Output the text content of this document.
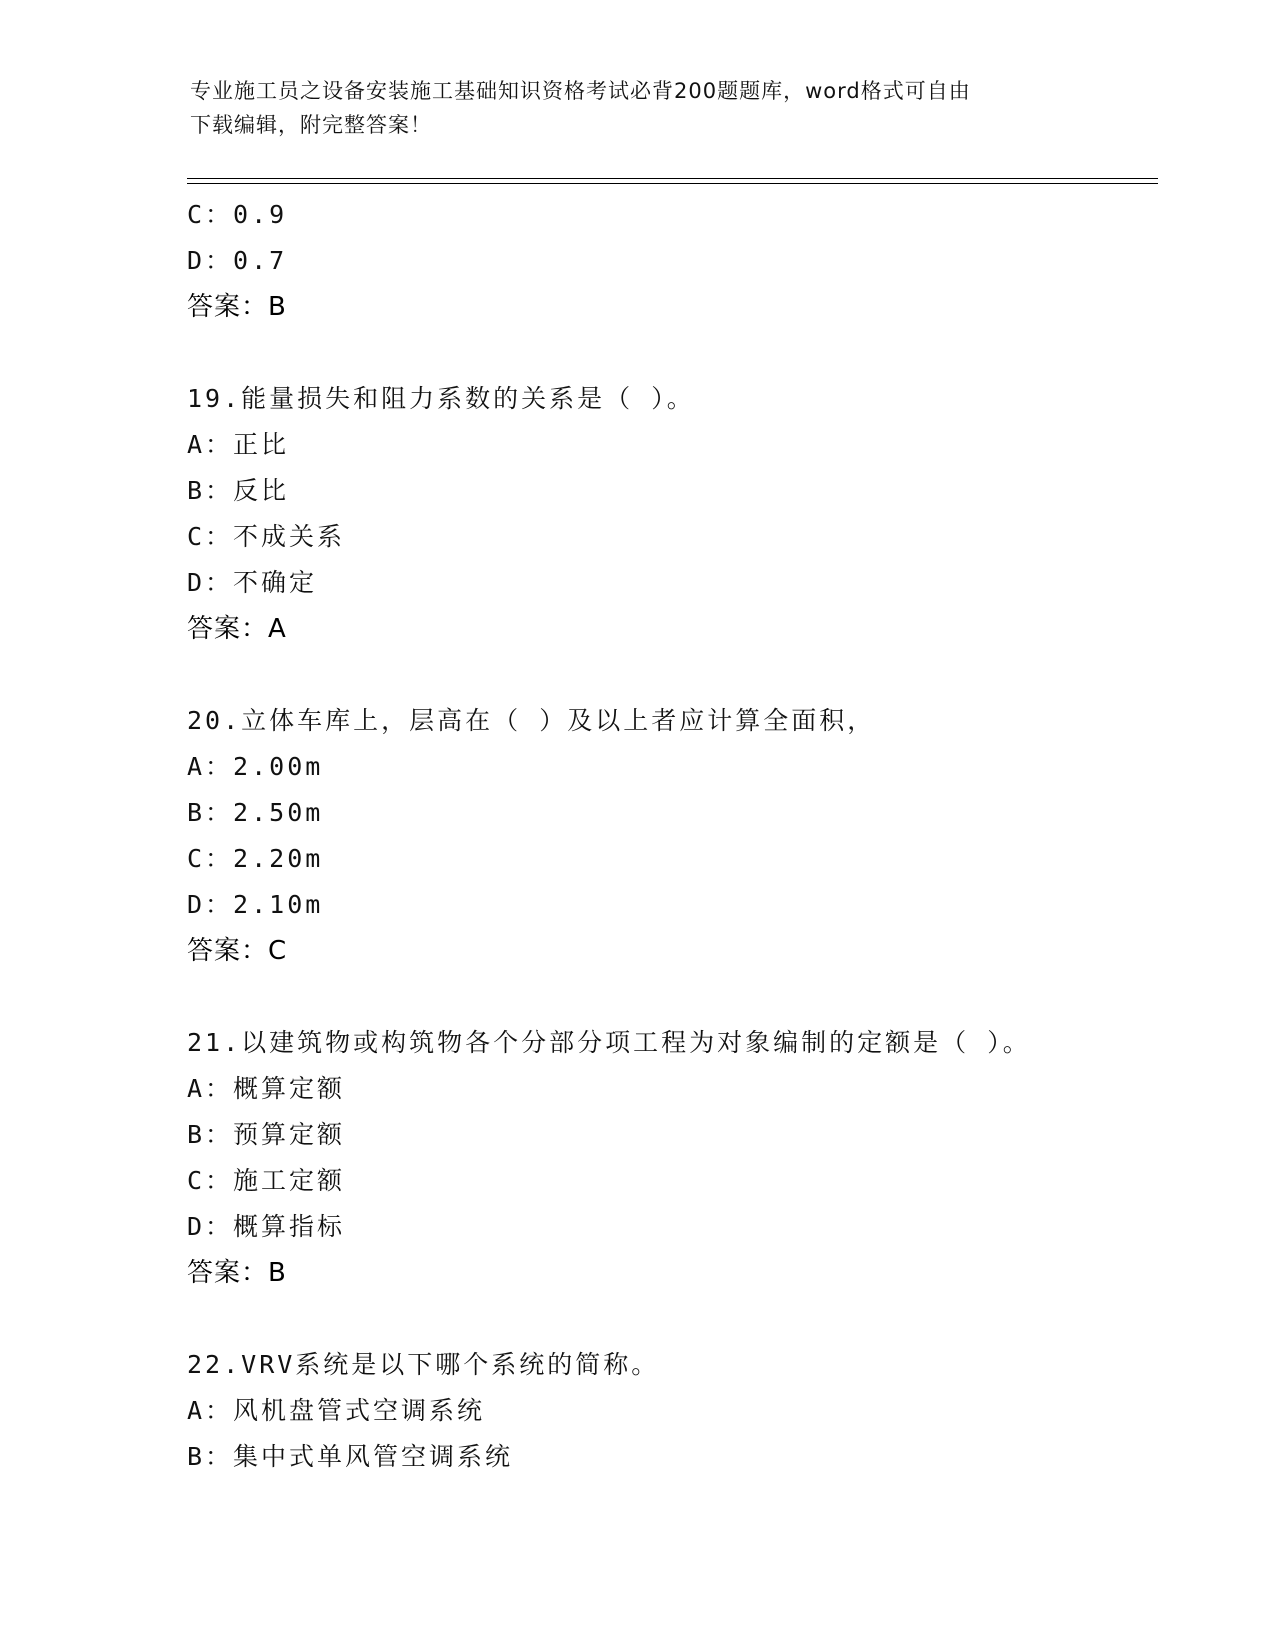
专业施工员之设备安装施工基础知识资格考试必背200题题库，word格式可自由
下载编辑，附完整答案！
C：0.9
D：0.7
答案：B
19.能量损失和阻力系数的关系是（ ）。
A：正比
B：反比
C：不成关系
D：不确定
答案：A
20.立体车库上，层高在（ ）及以上者应计算全面积，
A：2.00m
B：2.50m
C：2.20m
D：2.10m
答案：C
21.以建筑物或构筑物各个分部分项工程为对象编制的定额是（ ）。
A：概算定额
B：预算定额
C：施工定额
D：概算指标
答案：B
22.VRV系统是以下哪个系统的简称。
A：风机盘管式空调系统
B：集中式单风管空调系统
